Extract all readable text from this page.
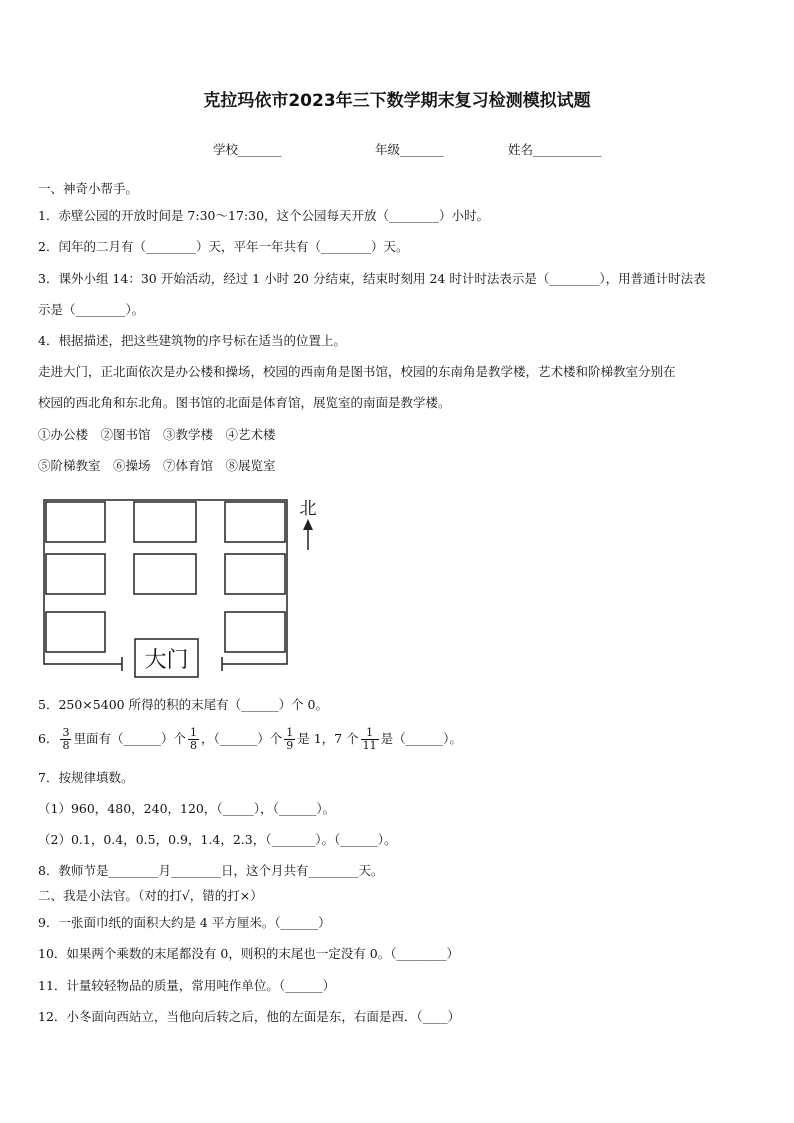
克拉玛依市2023年三下数学期末复习检测模拟试题
学校_______	年级_______	姓名___________
一、神奇小帮手。
1．赤壁公园的开放时间是 7:30～17:30，这个公园每天开放（________）小时。
2．闰年的二月有（________）天，平年一年共有（________）天。
3．课外小组 14：30 开始活动，经过 1 小时 20 分结束，结束时刻用 24 时计时法表示是（________），用普通计时法表
示是（________）。
4．根据描述，把这些建筑物的序号标在适当的位置上。
走进大门，正北面依次是办公楼和操场，校园的西南角是图书馆，校园的东南角是教学楼，艺术楼和阶梯教室分别在
校园的西北角和东北角。图书馆的北面是体育馆，展览室的南面是教学楼。
①办公楼　②图书馆　③教学楼　④艺术楼
⑤阶梯教室　⑥操场　⑦体育馆　⑧展览室
大门
北
5．250×5400 所得的积的末尾有（______）个 0。
6． $\frac{3}{8}$ 里面有（______）个 $\frac{1}{8}$ ，（______）个 $\frac{1}{9}$ 是 1，7 个 $\frac{1}{11}$ 是（______）。
7．按规律填数。
（1）960，480，240，120，（_____），（______）。
（2）0.1，0.4，0.5，0.9，1.4，2.3，（_______）。（______）。
8．教师节是________月________日，这个月共有________天。
二、我是小法官。（对的打√，错的打×）
9．一张面巾纸的面积大约是 4 平方厘米。（______）
10．如果两个乘数的末尾都没有 0，则积的末尾也一定没有 0。（________）
11．计量较轻物品的质量，常用吨作单位。（______）
12．小冬面向西站立，当他向后转之后，他的左面是东，右面是西．（____）
